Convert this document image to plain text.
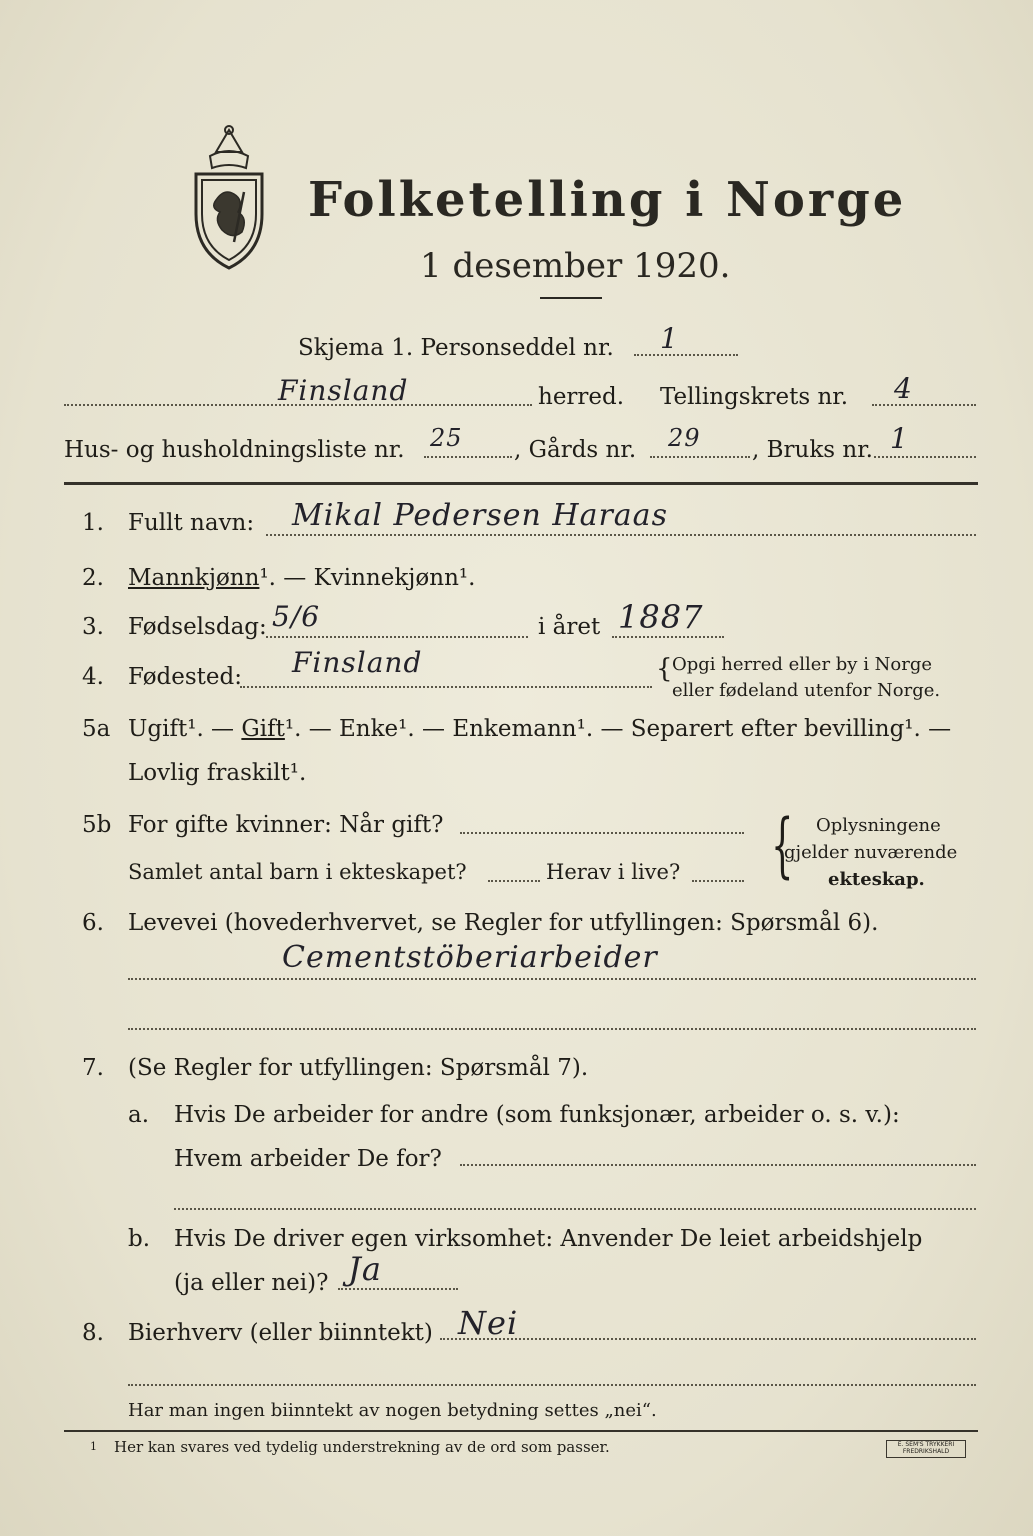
Folketelling i Norge
1 desember 1920.
Skjema 1. Personseddel nr. 1
Finsland	herred. Tellingskrets nr. 4
Hus- og husholdningsliste nr. 25 , Gårds nr. 29 , Bruks nr. 1
1. Fullt navn: Mikal Pedersen Haraas
2. Mannkjønn¹. — Kvinnekjønn¹.
3. Fødselsdag: 5/6	i året 1887
4. Fødested: Finsland	{ Opgi herred eller by i Norge
eller fødeland utenfor Norge.
5a Ugift¹. — Gift¹. — Enke¹. — Enkemann¹. — Separert efter bevilling¹. —
Lovlig fraskilt¹.
5b For gifte kvinner: Når gift?
Samlet antal barn i ekteskapet?	Herav i live? { Oplysningene
gjelder nuværende
ekteskap.
6. Levevei (hovederhvervet, se Regler for utfyllingen: Spørsmål 6).
Cementstöberiarbeider
7. (Se Regler for utfyllingen: Spørsmål 7).
a. Hvis De arbeider for andre (som funksjonær, arbeider o. s. v.):
Hvem arbeider De for?
b. Hvis De driver egen virksomhet: Anvender De leiet arbeidshjelp
(ja eller nei)? Ja
8. Bierhverv (eller biinntekt) Nei
Har man ingen biinntekt av nogen betydning settes „nei“.
1 Her kan svares ved tydelig understrekning av de ord som passer.	E. SEM'S TRYKKERI FREDRIKSHALD
